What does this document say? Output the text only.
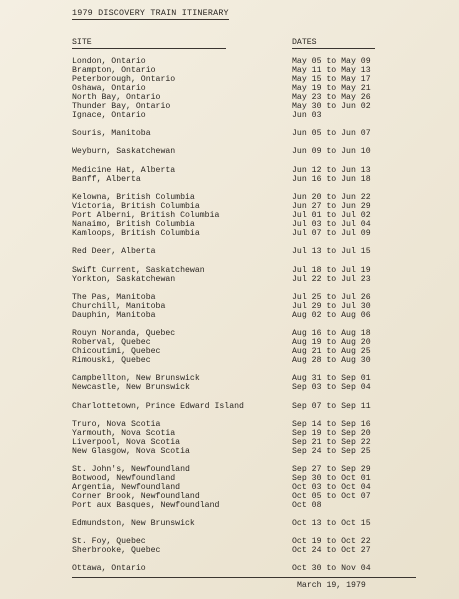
1979 DISCOVERY TRAIN ITINERARY
SITE	DATES
London, Ontario	May 05 to May 09
Brampton, Ontario	May 11 to May 13
Peterborough, Ontario	May 15 to May 17
Oshawa, Ontario	May 19 to May 21
North Bay, Ontario	May 23 to May 26
Thunder Bay, Ontario	May 30 to Jun 02
Ignace, Ontario	Jun 03
Souris, Manitoba	Jun 05 to Jun 07
Weyburn, Saskatchewan	Jun 09 to Jun 10
Medicine Hat, Alberta	Jun 12 to Jun 13
Banff, Alberta	Jun 16 to Jun 18
Kelowna, British Columbia	Jun 20 to Jun 22
Victoria, British Columbia	Jun 27 to Jun 29
Port Alberni, British Columbia	Jul 01 to Jul 02
Nanaimo, British Columbia	Jul 03 to Jul 04
Kamloops, British Columbia	Jul 07 to Jul 09
Red Deer, Alberta	Jul 13 to Jul 15
Swift Current, Saskatchewan	Jul 18 to Jul 19
Yorkton, Saskatchewan	Jul 22 to Jul 23
The Pas, Manitoba	Jul 25 to Jul 26
Churchill, Manitoba	Jul 29 to Jul 30
Dauphin, Manitoba	Aug 02 to Aug 06
Rouyn Noranda, Quebec	Aug 16 to Aug 18
Roberval, Quebec	Aug 19 to Aug 20
Chicoutimi, Quebec	Aug 21 to Aug 25
Rimouski, Quebec	Aug 28 to Aug 30
Campbellton, New Brunswick	Aug 31 to Sep 01
Newcastle, New Brunswick	Sep 03 to Sep 04
Charlottetown, Prince Edward Island	Sep 07 to Sep 11
Truro, Nova Scotia	Sep 14 to Sep 16
Yarmouth, Nova Scotia	Sep 19 to Sep 20
Liverpool, Nova Scotia	Sep 21 to Sep 22
New Glasgow, Nova Scotia	Sep 24 to Sep 25
St. John's, Newfoundland	Sep 27 to Sep 29
Botwood, Newfoundland	Sep 30 to Oct 01
Argentia, Newfoundland	Oct 03 to Oct 04
Corner Brook, Newfoundland	Oct 05 to Oct 07
Port aux Basques, Newfoundland	Oct 08
Edmundston, New Brunswick	Oct 13 to Oct 15
St. Foy, Quebec	Oct 19 to Oct 22
Sherbrooke, Quebec	Oct 24 to Oct 27
Ottawa, Ontario	Oct 30 to Nov 04
March 19, 1979
